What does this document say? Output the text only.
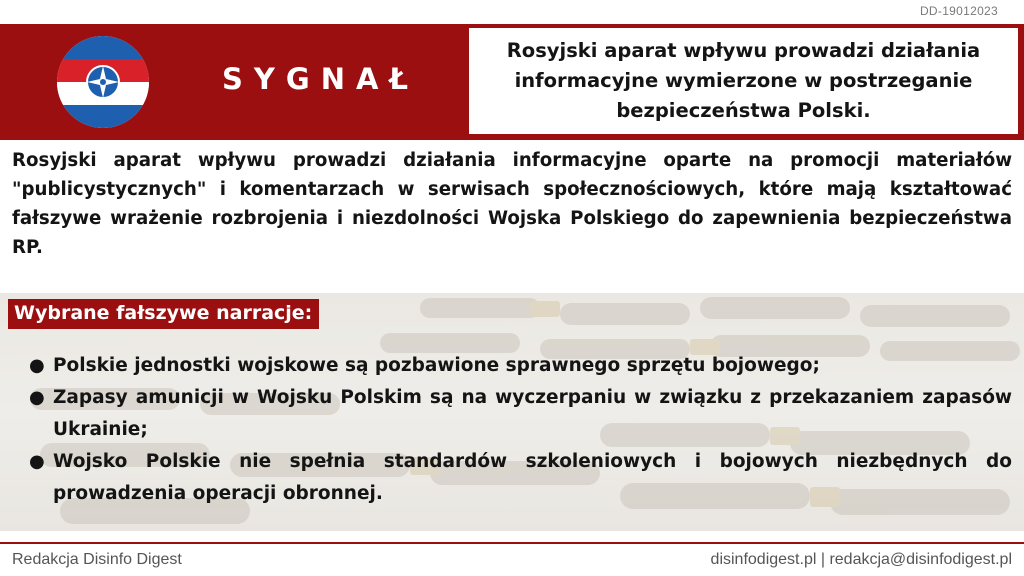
DD-19012023
SYGNAŁ

Rosyjski aparat wpływu prowadzi działania informacyjne wymierzone w postrzeganie bezpieczeństwa Polski.

Rosyjski aparat wpływu prowadzi działania informacyjne oparte na promocji materiałów "publicystycznych" i komentarzach w serwisach społecznościowych, które mają kształtować fałszywe wrażenie rozbrojenia i niezdolności Wojska Polskiego do zapewnienia bezpieczeństwa RP.

Wybrane fałszywe narracje:
● Polskie jednostki wojskowe są pozbawione sprawnego sprzętu bojowego;
● Zapasy amunicji w Wojsku Polskim są na wyczerpaniu w związku z przekazaniem zapasów Ukrainie;
● Wojsko Polskie nie spełnia standardów szkoleniowych i bojowych niezbędnych do prowadzenia operacji obronnej.
Redakcja Disinfo Digest	disinfodigest.pl | redakcja@disinfodigest.pl
